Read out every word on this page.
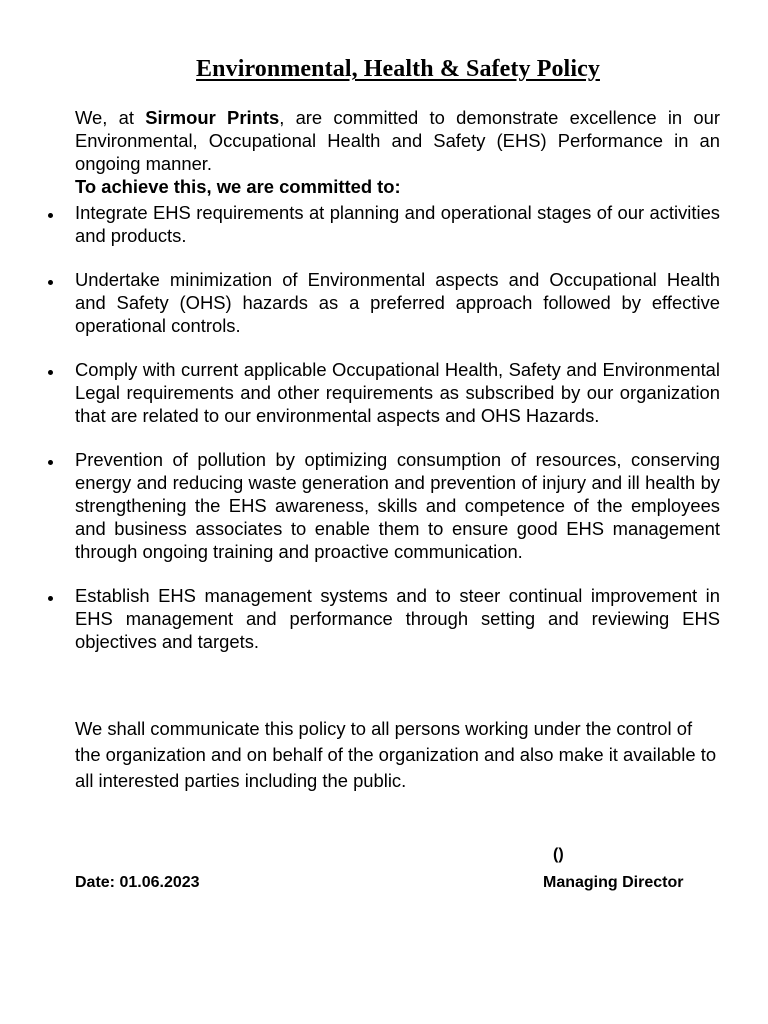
Environmental, Health & Safety Policy

We, at Sirmour Prints, are committed to demonstrate excellence in our Environmental, Occupational Health and Safety (EHS) Performance in an ongoing manner.

To achieve this, we are committed to:

Integrate EHS requirements at planning and operational stages of our activities and products.
Undertake minimization of Environmental aspects and Occupational Health and Safety (OHS) hazards as a preferred approach followed by effective operational controls.
Comply with current applicable Occupational Health, Safety and Environmental Legal requirements and other requirements as subscribed by our organization that are related to our environmental aspects and OHS Hazards.
Prevention of pollution by optimizing consumption of resources, conserving energy and reducing waste generation and prevention of injury and ill health by strengthening the EHS awareness, skills and competence of the employees and business associates to enable them to ensure good EHS management through ongoing training and proactive communication.
Establish EHS management systems and to steer continual improvement in EHS management and performance through setting and reviewing EHS objectives and targets.

We shall communicate this policy to all persons working under the control of the organization and on behalf of the organization and also make it available to all interested parties including the public.

()
Date: 01.06.2023	Managing Director
